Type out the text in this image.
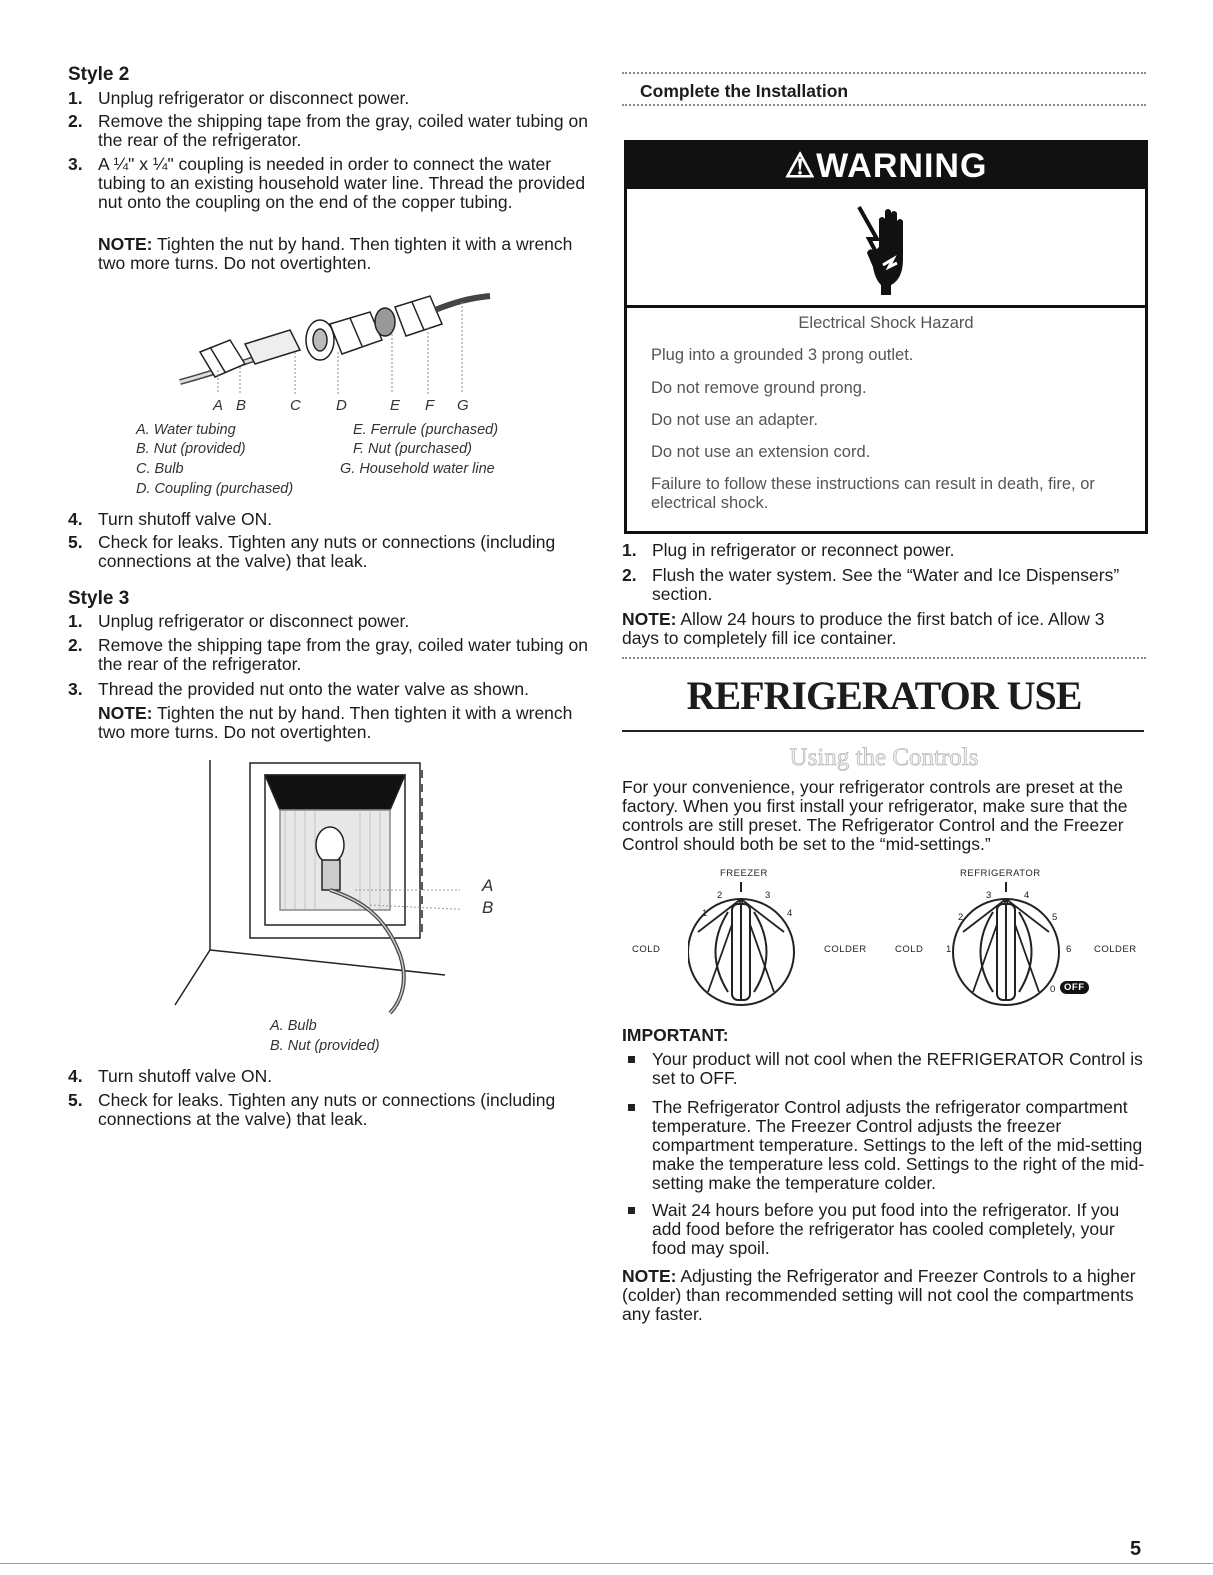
Style 2
1. Unplug refrigerator or disconnect power.
2. Remove the shipping tape from the gray, coiled water tubing on the rear of the refrigerator.
3. A ¼" x ¼" coupling is needed in order to connect the water tubing to an existing household water line. Thread the provided nut onto the coupling on the end of the copper tubing.
NOTE: Tighten the nut by hand. Then tighten it with a wrench two more turns. Do not overtighten.
A B	C D	E F G
A. Water tubing
B. Nut (provided)
C. Bulb
D. Coupling (purchased)
E. Ferrule (purchased)
F. Nut (purchased)
G. Household water line
4. Turn shutoff valve ON.
5. Check for leaks. Tighten any nuts or connections (including connections at the valve) that leak.
Style 3
1. Unplug refrigerator or disconnect power.
2. Remove the shipping tape from the gray, coiled water tubing on the rear of the refrigerator.
3. Thread the provided nut onto the water valve as shown.
NOTE: Tighten the nut by hand. Then tighten it with a wrench two more turns. Do not overtighten.
A
B
A. Bulb
B. Nut (provided)
4. Turn shutoff valve ON.
5. Check for leaks. Tighten any nuts or connections (including connections at the valve) that leak.
Complete the Installation
⚠WARNING
Electrical Shock Hazard
Plug into a grounded 3 prong outlet.
Do not remove ground prong.
Do not use an adapter.
Do not use an extension cord.
Failure to follow these instructions can result in death, fire, or electrical shock.
1. Plug in refrigerator or reconnect power.
2. Flush the water system. See the “Water and Ice Dispensers” section.
NOTE: Allow 24 hours to produce the first batch of ice. Allow 3 days to completely fill ice container.
REFRIGERATOR USE
Using the Controls
For your convenience, your refrigerator controls are preset at the factory. When you first install your refrigerator, make sure that the controls are still preset. The Refrigerator Control and the Freezer Control should both be set to the “mid-settings.”
FREEZER	REFRIGERATOR
COLD	COLDER	COLD	COLDER
1
2	3
4
1
2
3	4
5
6
0 OFF
IMPORTANT:
Your product will not cool when the REFRIGERATOR Control is set to OFF.
The Refrigerator Control adjusts the refrigerator compartment temperature. The Freezer Control adjusts the freezer compartment temperature. Settings to the left of the mid-setting make the temperature less cold. Settings to the right of the mid-setting make the temperature colder.
Wait 24 hours before you put food into the refrigerator. If you add food before the refrigerator has cooled completely, your food may spoil.
NOTE: Adjusting the Refrigerator and Freezer Controls to a higher (colder) than recommended setting will not cool the compartments any faster.
5
